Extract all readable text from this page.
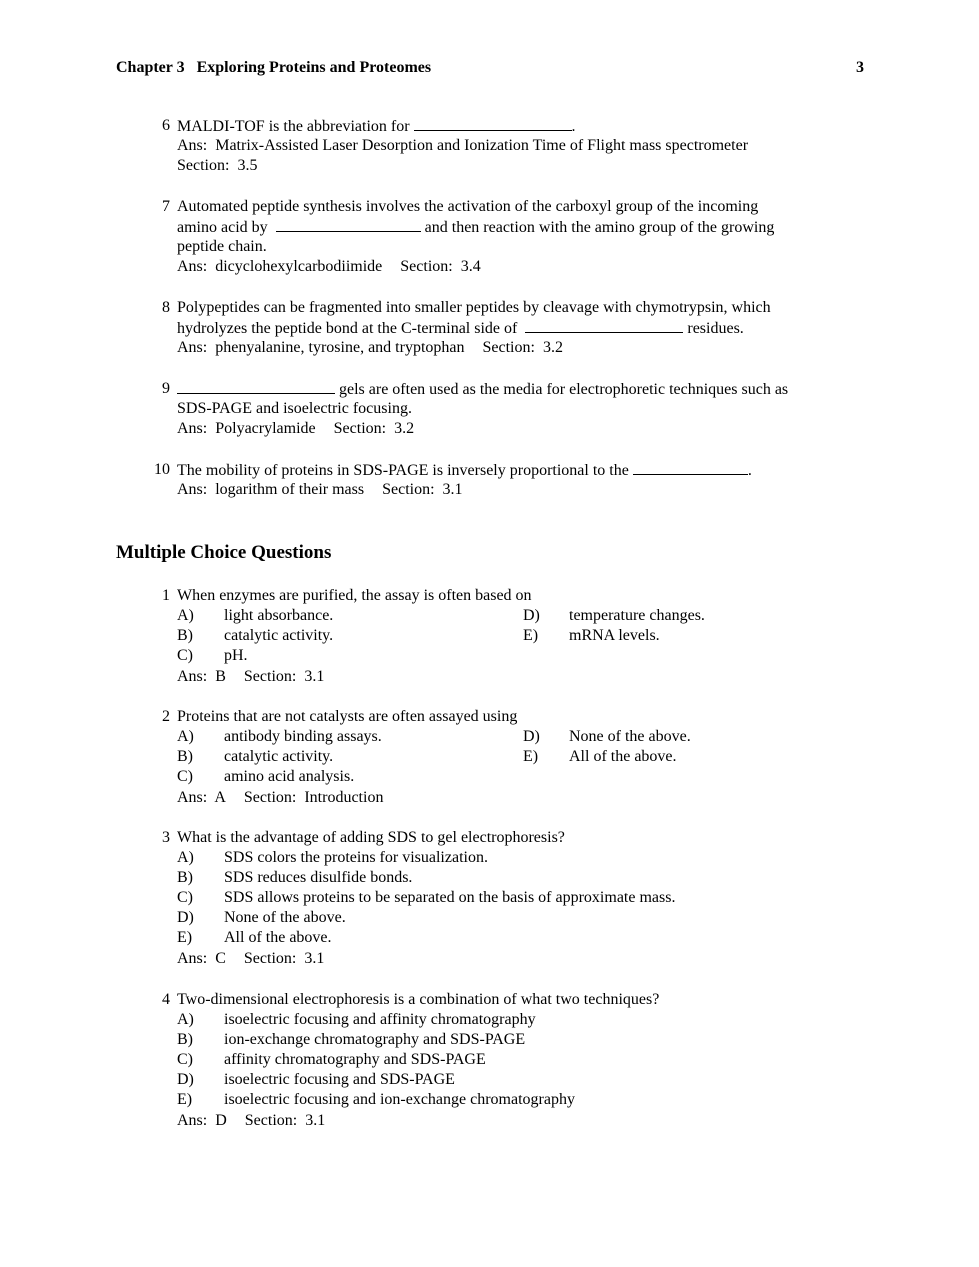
Chapter 3   Exploring Proteins and Proteomes	3
6 MALDI-TOF is the abbreviation for	.
Ans:  Matrix-Assisted Laser Desorption and Ionization Time of Flight mass spectrometer
Section:  3.5
7 Automated peptide synthesis involves the activation of the carboxyl group of the incoming
amino acid by	and then reaction with the amino group of the growing
peptide chain.
Ans:  dicyclohexylcarbodiimide Section:  3.4
8 Polypeptides can be fragmented into smaller peptides by cleavage with chymotrypsin, which
hydrolyzes the peptide bond at the C-terminal side of	residues.
Ans:  phenyalanine, tyrosine, and tryptophan Section:  3.2
9	gels are often used as the media for electrophoretic techniques such as
SDS-PAGE and isoelectric focusing.
Ans:  Polyacrylamide Section:  3.2
10 The mobility of proteins in SDS-PAGE is inversely proportional to the	.
Ans:  logarithm of their mass Section:  3.1
Multiple Choice Questions
1 When enzymes are purified, the assay is often based on
A)	light absorbance.	D) temperature changes.
B)	catalytic activity.	E) mRNA levels.
C)	pH.
Ans:  B Section:  3.1
2 Proteins that are not catalysts are often assayed using
A)	antibody binding assays.	D) None of the above.
B)	catalytic activity.	E) All of the above.
C)	amino acid analysis.
Ans:  A Section:  Introduction
3 What is the advantage of adding SDS to gel electrophoresis?
A)	SDS colors the proteins for visualization.
B)	SDS reduces disulfide bonds.
C)	SDS allows proteins to be separated on the basis of approximate mass.
D)	None of the above.
E)	All of the above.
Ans:  C Section:  3.1
4 Two-dimensional electrophoresis is a combination of what two techniques?
A)	isoelectric focusing and affinity chromatography
B)	ion-exchange chromatography and SDS-PAGE
C)	affinity chromatography and SDS-PAGE
D)	isoelectric focusing and SDS-PAGE
E)	isoelectric focusing and ion-exchange chromatography
Ans:  D Section:  3.1
